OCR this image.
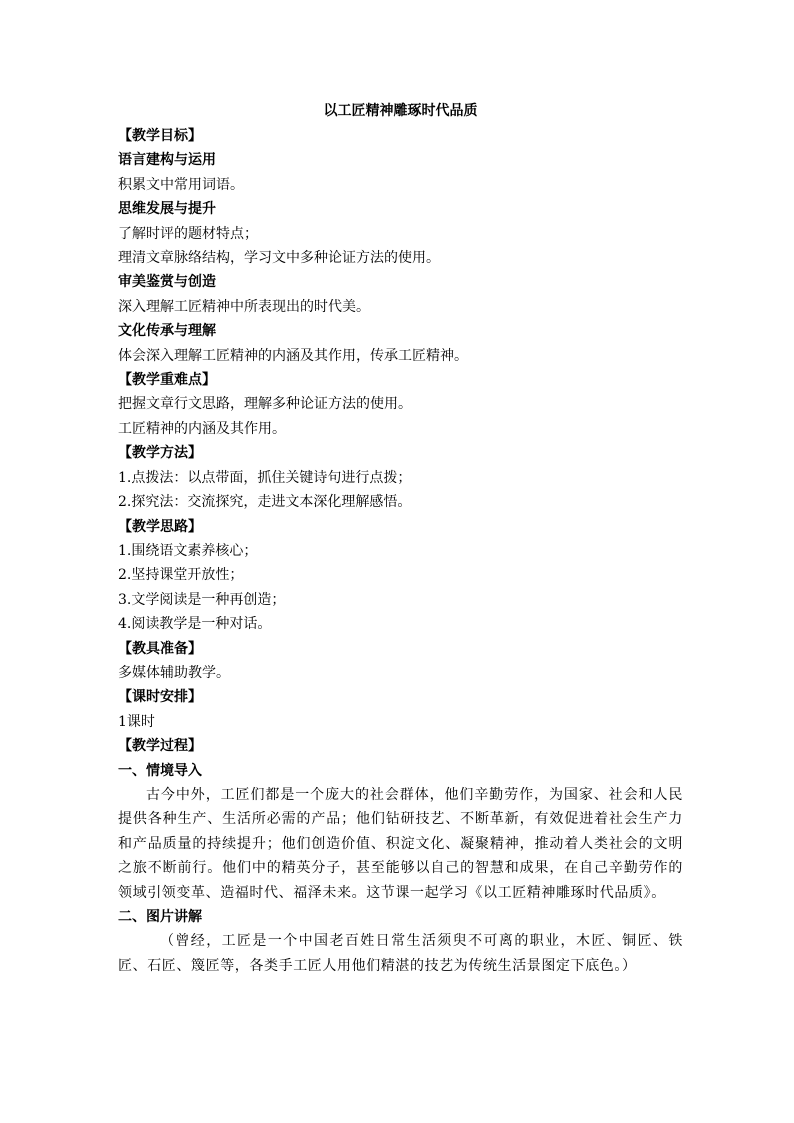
以工匠精神雕琢时代品质
【教学目标】
语言建构与运用
积累文中常用词语。
思维发展与提升
了解时评的题材特点；
理清文章脉络结构，学习文中多种论证方法的使用。
审美鉴赏与创造
深入理解工匠精神中所表现出的时代美。
文化传承与理解
体会深入理解工匠精神的内涵及其作用，传承工匠精神。
【教学重难点】
把握文章行文思路，理解多种论证方法的使用。
工匠精神的内涵及其作用。
【教学方法】
1.点拨法：以点带面，抓住关键诗句进行点拨；
2.探究法：交流探究，走进文本深化理解感悟。
【教学思路】
1.围绕语文素养核心；
2.坚持课堂开放性；
3.文学阅读是一种再创造；
4.阅读教学是一种对话。
【教具准备】
多媒体辅助教学。
【课时安排】
1课时
【教学过程】
一、情境导入

古今中外，工匠们都是一个庞大的社会群体，他们辛勤劳作，为国家、社会和人民提供各种生产、生活所必需的产品；他们钻研技艺、不断革新，有效促进着社会生产力和产品质量的持续提升；他们创造价值、积淀文化、凝聚精神，推动着人类社会的文明之旅不断前行。他们中的精英分子，甚至能够以自己的智慧和成果，在自己辛勤劳作的领域引领变革、造福时代、福泽未来。这节课一起学习《以工匠精神雕琢时代品质》。

二、图片讲解

（曾经，工匠是一个中国老百姓日常生活须臾不可离的职业，木匠、铜匠、铁匠、石匠、篾匠等，各类手工匠人用他们精湛的技艺为传统生活景图定下底色。）
